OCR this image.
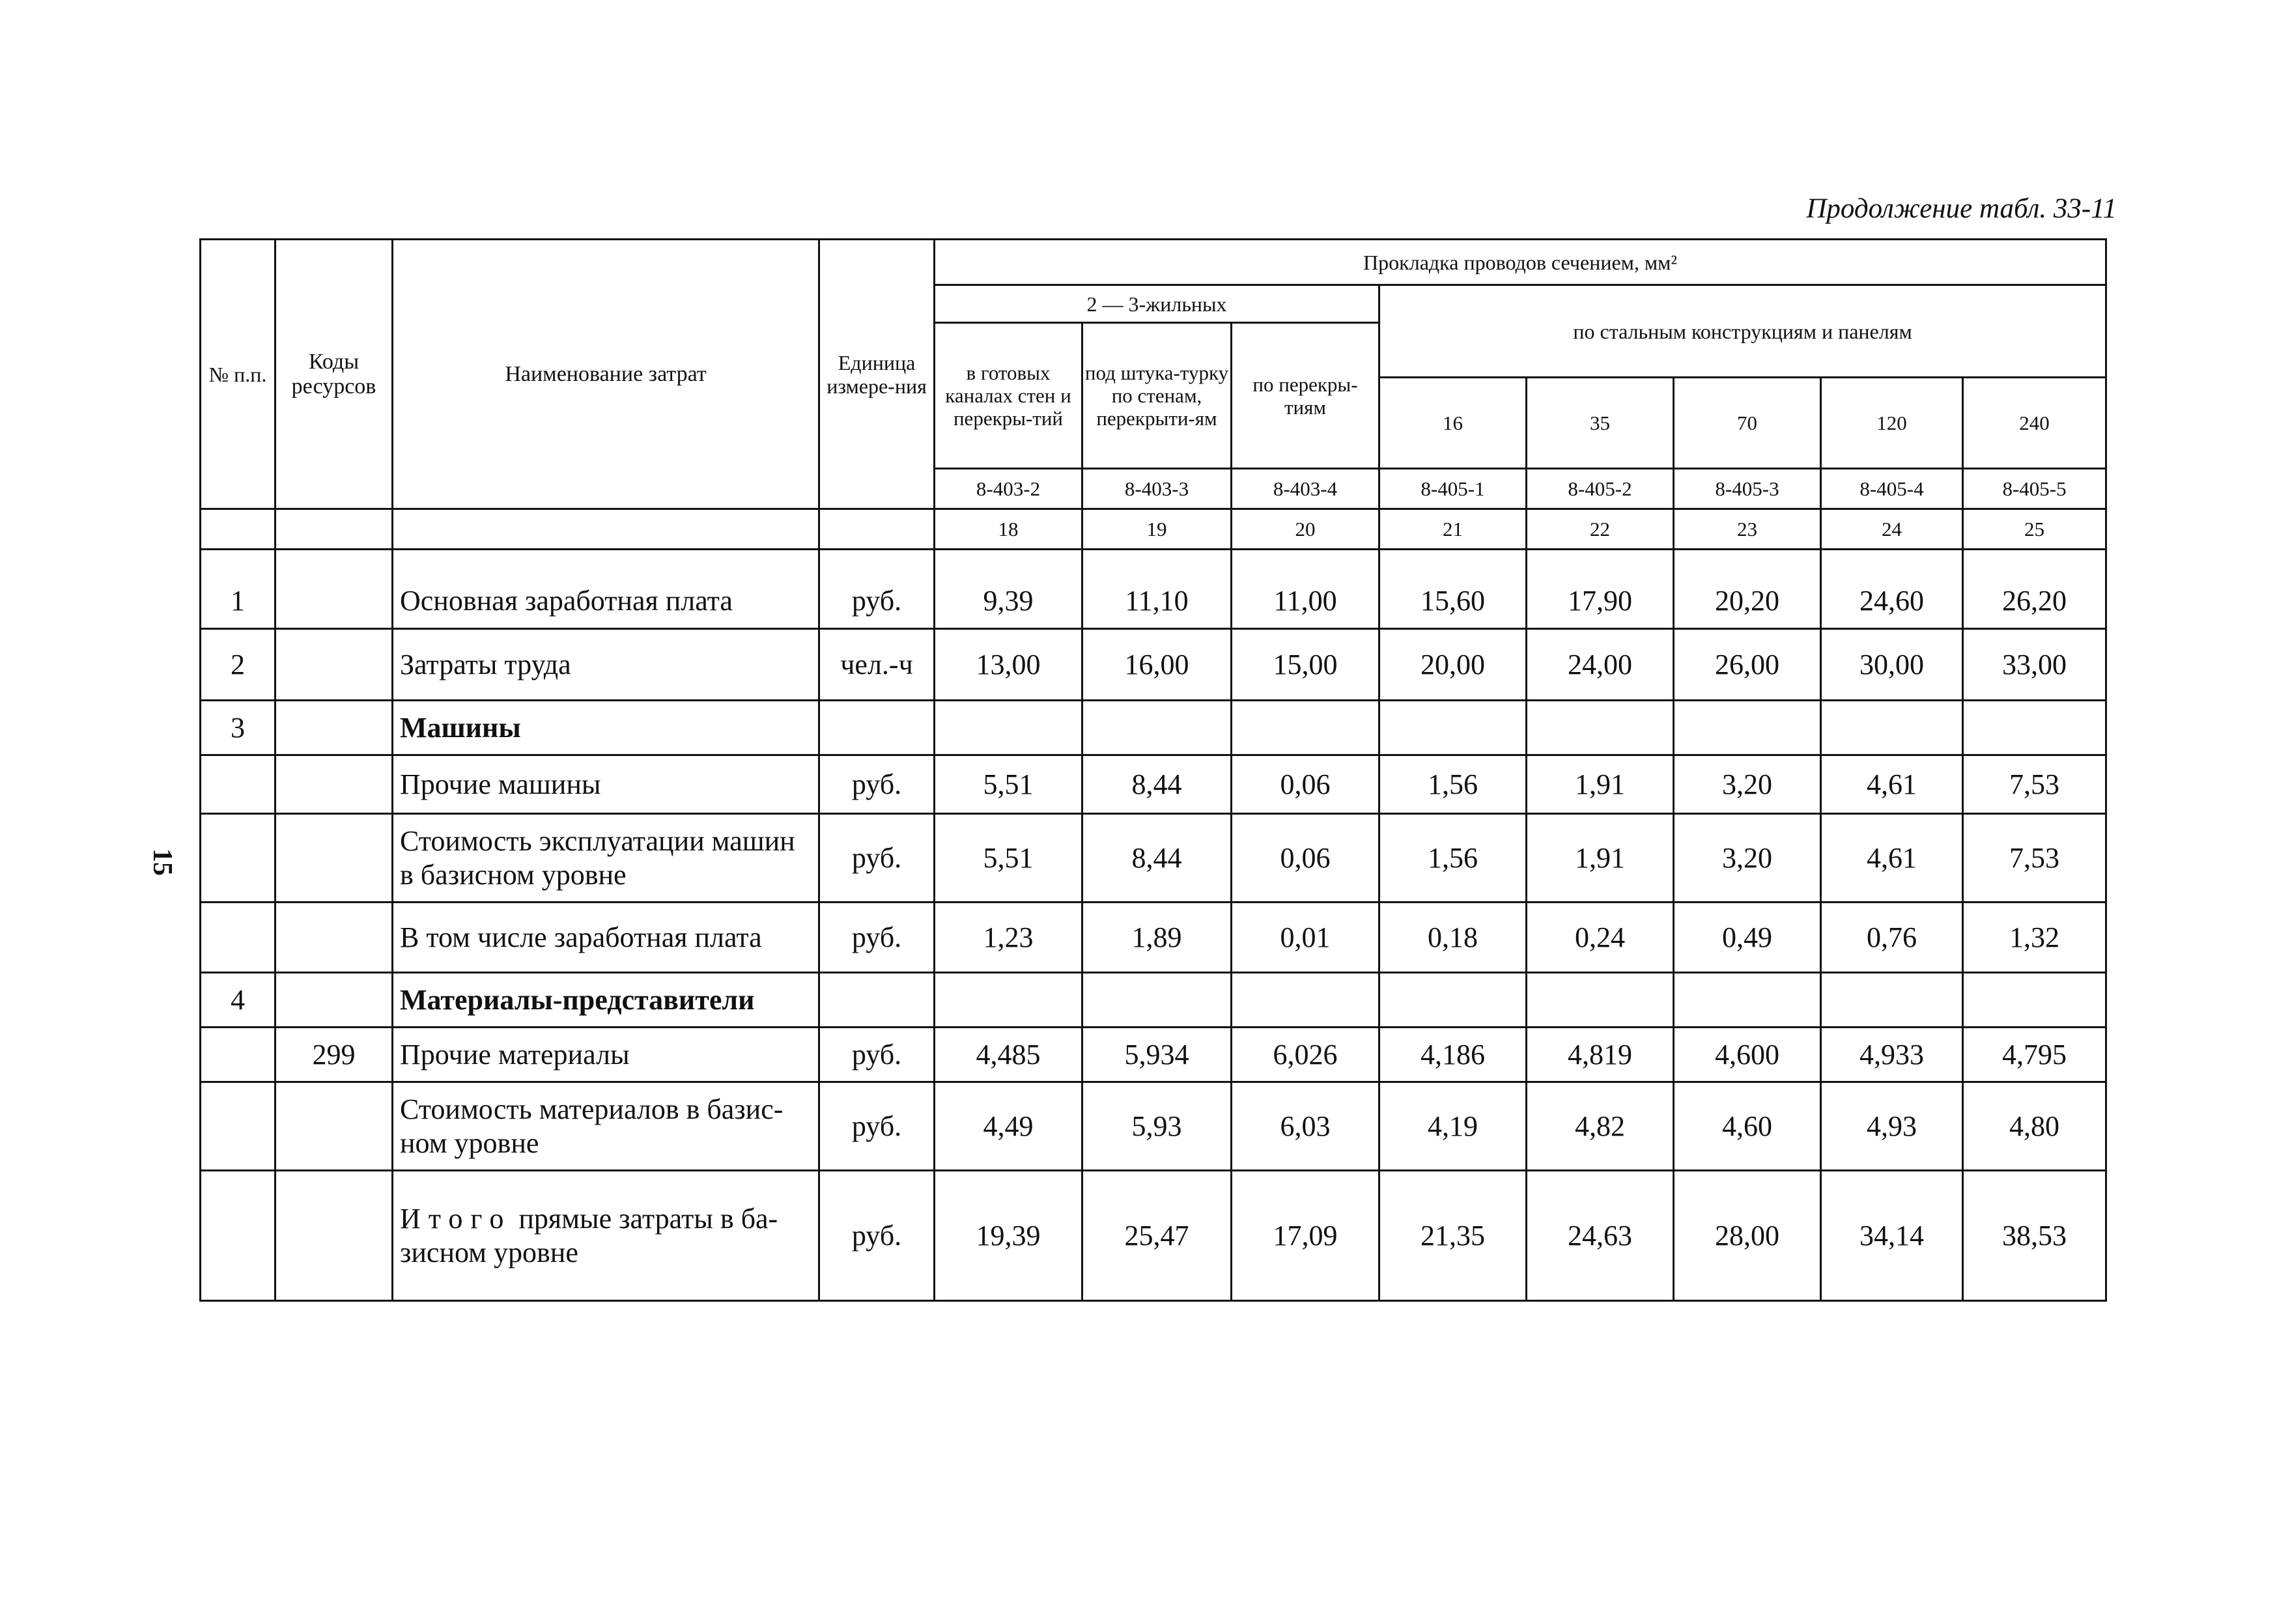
Продолжение табл. 33-11
15
№ п.п.	Коды ресурсов	Наименование затрат	Единица измере-ния	Прокладка проводов сечением, мм²							
				2 — 3-жильных			по стальным конструкциям и панелям				
				в готовых каналах стен и перекры-тий	под штука-турку по стенам, перекрыти-ям	по перекры-тиям					
							16	35	70	120	240
				8-403-2	8-403-3	8-403-4	8-405-1	8-405-2	8-405-3	8-405-4	8-405-5
				18	19	20	21	22	23	24	25
1		Основная заработная плата	руб.	9,39	11,10	11,00	15,60	17,90	20,20	24,60	26,20
2		Затраты труда	чел.-ч	13,00	16,00	15,00	20,00	24,00	26,00	30,00	33,00
3		Машины									
		Прочие машины	руб.	5,51	8,44	0,06	1,56	1,91	3,20	4,61	7,53
		Стоимость эксплуатации машин в базисном уровне	руб.	5,51	8,44	0,06	1,56	1,91	3,20	4,61	7,53
		В том числе заработная плата	руб.	1,23	1,89	0,01	0,18	0,24	0,49	0,76	1,32
4		Материалы-представители									
	299	Прочие материалы	руб.	4,485	5,934	6,026	4,186	4,819	4,600	4,933	4,795
		Стоимость материалов в базис-ном уровне	руб.	4,49	5,93	6,03	4,19	4,82	4,60	4,93	4,80
		Итого прямые затраты в ба-зисном уровне	руб.	19,39	25,47	17,09	21,35	24,63	28,00	34,14	38,53
